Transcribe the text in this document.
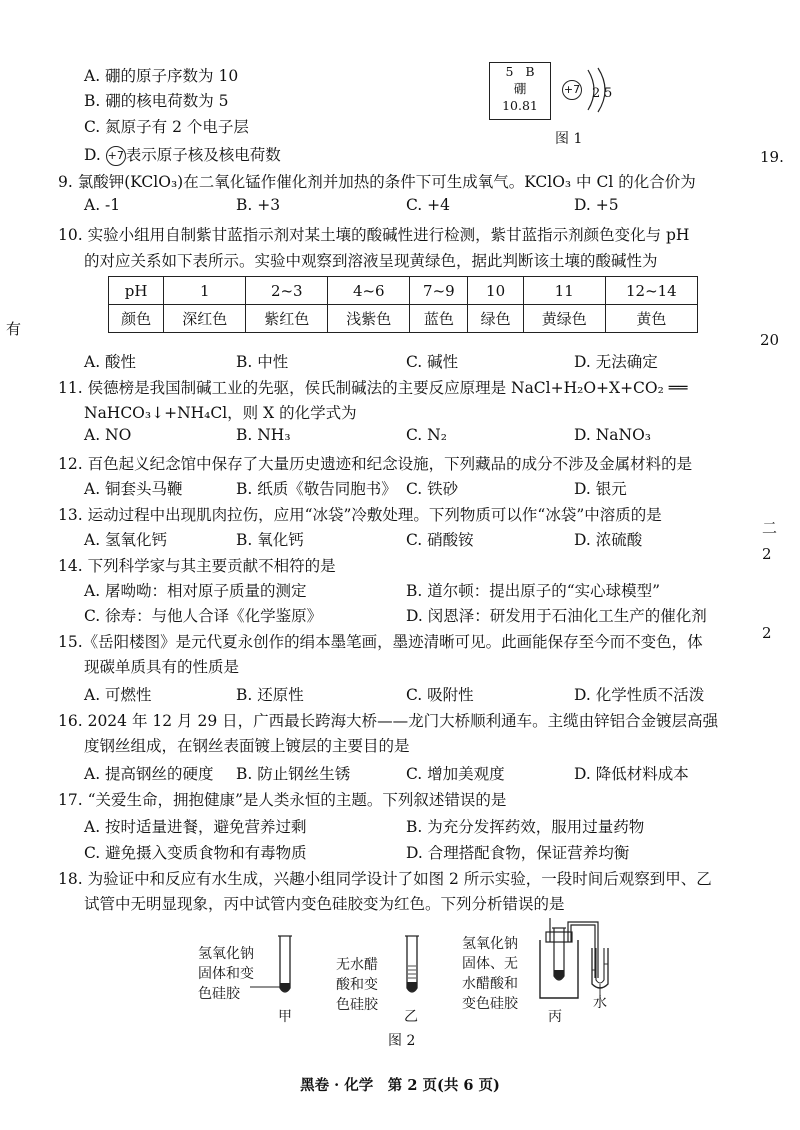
A. 硼的原子序数为 10
B. 硼的核电荷数为 5
C. 氮原子有 2 个电子层
D. +7 表示原子核及核电荷数
5 B
硼
10.81
+7 2 5
图 1
9. 氯酸钾(KClO₃)在二氧化锰作催化剂并加热的条件下可生成氧气。KClO₃ 中 Cl 的化合价为
A. -1	B. +3	C. +4	D. +5
10. 实验小组用自制紫甘蓝指示剂对某土壤的酸碱性进行检测，紫甘蓝指示剂颜色变化与 pH
的对应关系如下表所示。实验中观察到溶液呈现黄绿色，据此判断该土壤的酸碱性为
pH	1	2~3	4~6	7~9	10	11	12~14
颜色	深红色	紫红色	浅紫色	蓝色	绿色	黄绿色	黄色
A. 酸性	B. 中性	C. 碱性	D. 无法确定
11. 侯德榜是我国制碱工业的先驱，侯氏制碱法的主要反应原理是 NaCl+H₂O+X+CO₂ ══
NaHCO₃↓+NH₄Cl，则 X 的化学式为
A. NO	B. NH₃	C. N₂	D. NaNO₃
12. 百色起义纪念馆中保存了大量历史遗迹和纪念设施，下列藏品的成分不涉及金属材料的是
A. 铜套头马鞭	B. 纸质《敬告同胞书》 C. 铁砂	D. 银元
13. 运动过程中出现肌肉拉伤，应用“冰袋”冷敷处理。下列物质可以作“冰袋”中溶质的是
A. 氢氧化钙	B. 氧化钙	C. 硝酸铵	D. 浓硫酸
14. 下列科学家与其主要贡献不相符的是
A. 屠呦呦：相对原子质量的测定	B. 道尔顿：提出原子的“实心球模型”
C. 徐寿：与他人合译《化学鉴原》	D. 闵恩泽：研发用于石油化工生产的催化剂
15.《岳阳楼图》是元代夏永创作的绢本墨笔画，墨迹清晰可见。此画能保存至今而不变色，体
现碳单质具有的性质是
A. 可燃性	B. 还原性	C. 吸附性	D. 化学性质不活泼
16. 2024 年 12 月 29 日，广西最长跨海大桥——龙门大桥顺利通车。主缆由锌铝合金镀层高强
度钢丝组成，在钢丝表面镀上镀层的主要目的是
A. 提高钢丝的硬度 B. 防止钢丝生锈	C. 增加美观度	D. 降低材料成本
17. “关爱生命，拥抱健康”是人类永恒的主题。下列叙述错误的是
A. 按时适量进餐，避免营养过剩	B. 为充分发挥药效，服用过量药物
C. 避免摄入变质食物和有毒物质	D. 合理搭配食物，保证营养均衡
18. 为验证中和反应有水生成，兴趣小组同学设计了如图 2 所示实验，一段时间后观察到甲、乙
试管中无明显现象，丙中试管内变色硅胶变为红色。下列分析错误的是
氢氧化钠
固体和变
色硅胶
甲
无水醋
酸和变
色硅胶
乙
氢氧化钠
固体、无
水醋酸和
变色硅胶
丙
水
图 2
19.
有
20
二
2
2
黑卷 · 化学　第 2 页(共 6 页)
